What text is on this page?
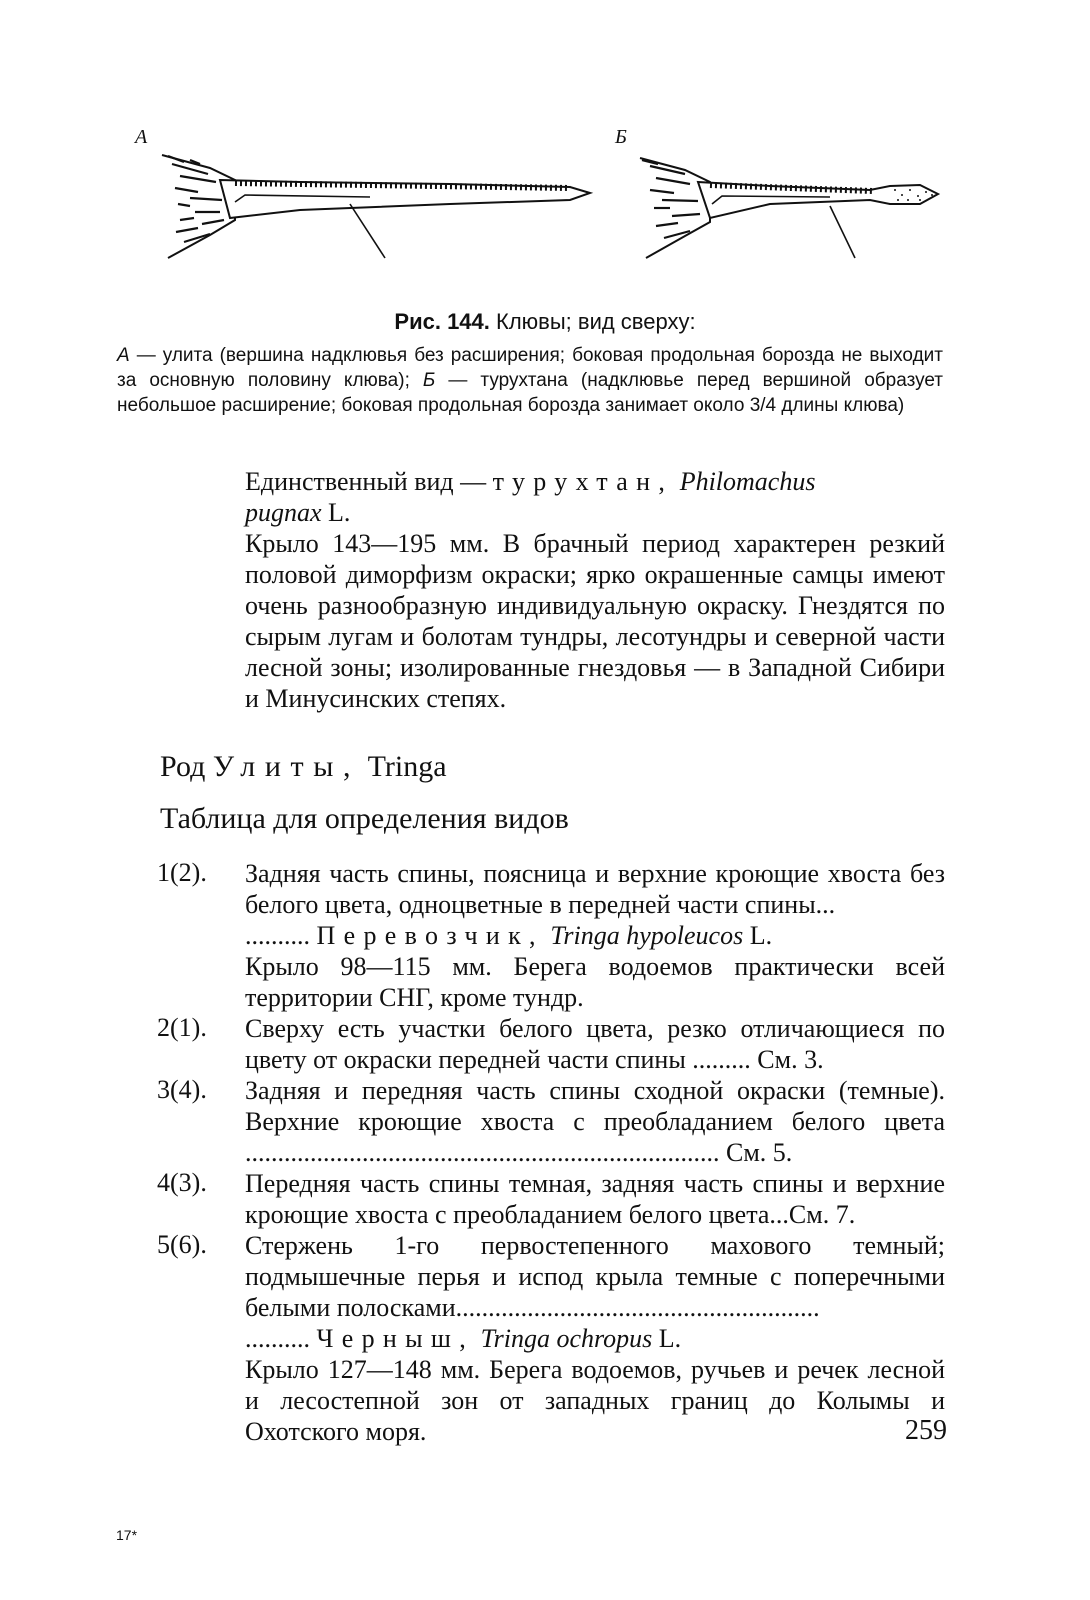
А	Б
Рис. 144. Клювы; вид сверху:
А — улита (вершина надклювья без расширения; боковая продольная борозда не выходит за основную половину клюва); Б — турухтана (надклювье перед вершиной образует небольшое расширение; боковая продольная борозда занимает около 3/4 длины клюва)
Единственный вид — турухтан, Philomachus
pugnax L.
Крыло 143—195 мм. В брачный период характерен резкий половой диморфизм окраски; ярко окрашенные самцы имеют очень разнообразную индивидуальную окраску. Гнездятся по сырым лугам и болотам тундры, лесотундры и северной части лесной зоны; изолированные гнездовья — в Западной Сибири и Минусинских степях.
Род Улиты, Tringa
Таблица для определения видов
1(2). Задняя часть спины, поясница и верхние кроющие хвоста без белого цвета, одноцветные в передней части спины...
.......... Перевозчик, Tringa hypoleucos L.
Крыло 98—115 мм. Берега водоемов практически всей территории СНГ, кроме тундр.
2(1). Сверху есть участки белого цвета, резко отличающиеся по цвету от окраски передней части спины ......... См. 3.
3(4). Задняя и передняя часть спины сходной окраски (темные). Верхние кроющие хвоста с преобладанием белого цвета ......................................................................... См. 5.
4(3). Передняя часть спины темная, задняя часть спины и верхние кроющие хвоста с преобладанием белого цвета...См. 7.
5(6). Стержень 1-го первостепенного махового темный; подмышечные перья и испод крыла темные с поперечными белыми полосками........................................................
.......... Черныш, Tringa ochropus L.
Крыло 127—148 мм. Берега водоемов, ручьев и речек лесной и лесостепной зон от западных границ до Колымы и Охотского моря.	259
17*
